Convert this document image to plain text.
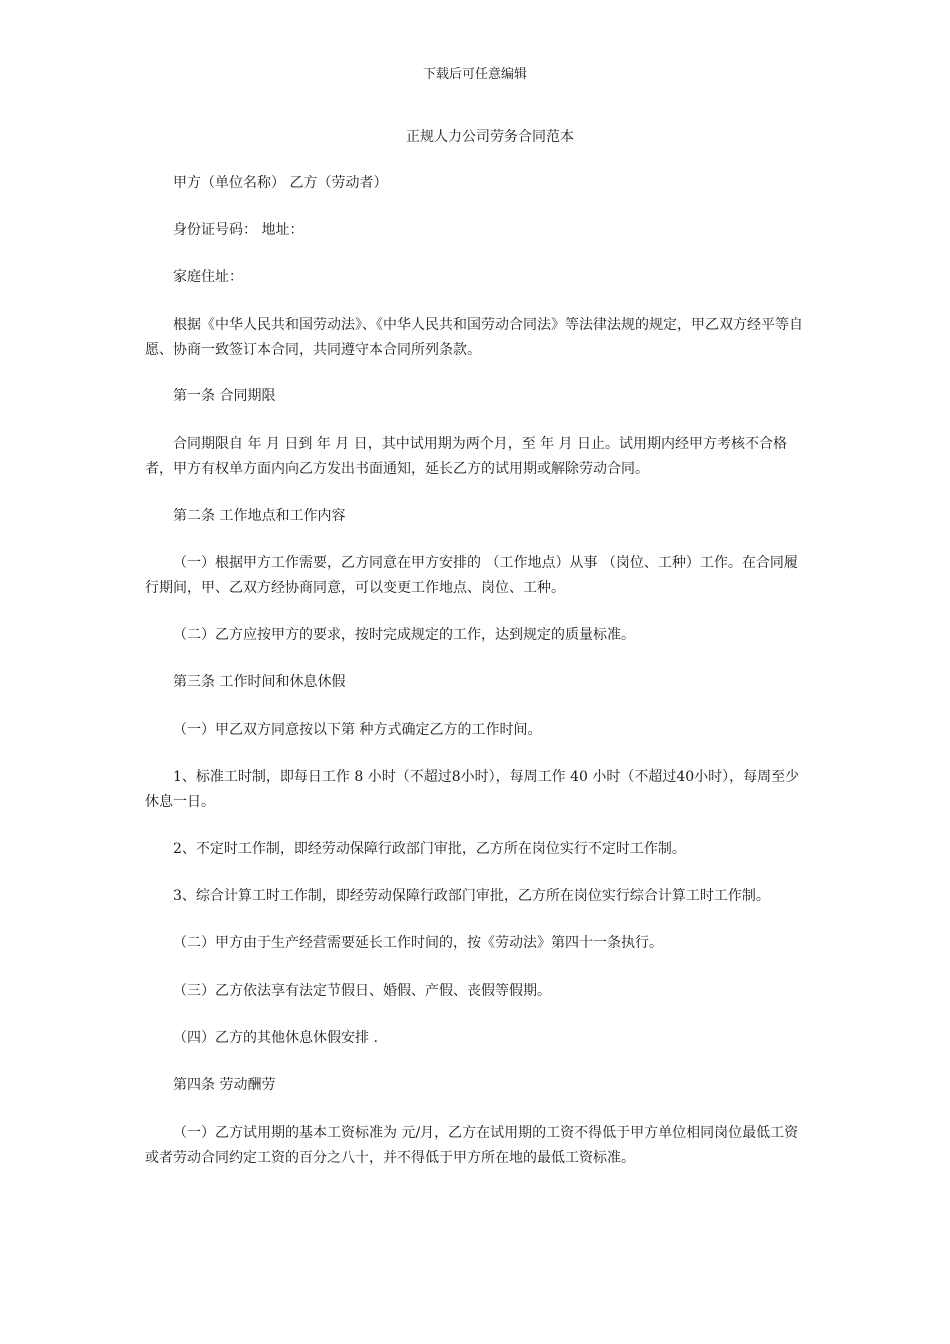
下载后可任意编辑
正规人力公司劳务合同范本

甲方（单位名称） 乙方（劳动者）

身份证号码： 地址：

家庭住址：

根据《中华人民共和国劳动法》、《中华人民共和国劳动合同法》等法律法规的规定，甲乙双方经平等自愿、协商一致签订本合同，共同遵守本合同所列条款。

第一条 合同期限

合同期限自 年 月 日到 年 月 日，其中试用期为两个月，至 年 月 日止。试用期内经甲方考核不合格者，甲方有权单方面内向乙方发出书面通知，延长乙方的试用期或解除劳动合同。

第二条 工作地点和工作内容

（一）根据甲方工作需要，乙方同意在甲方安排的 （工作地点）从事 （岗位、工种）工作。在合同履行期间，甲、乙双方经协商同意，可以变更工作地点、岗位、工种。

（二）乙方应按甲方的要求，按时完成规定的工作，达到规定的质量标准。

第三条 工作时间和休息休假

（一）甲乙双方同意按以下第 种方式确定乙方的工作时间。

1、标准工时制，即每日工作 8 小时（不超过8小时），每周工作 40 小时（不超过40小时），每周至少休息一日。

2、不定时工作制，即经劳动保障行政部门审批，乙方所在岗位实行不定时工作制。

3、综合计算工时工作制，即经劳动保障行政部门审批，乙方所在岗位实行综合计算工时工作制。

（二）甲方由于生产经营需要延长工作时间的，按《劳动法》第四十一条执行。

（三）乙方依法享有法定节假日、婚假、产假、丧假等假期。

（四）乙方的其他休息休假安排 .

第四条 劳动酬劳

（一）乙方试用期的基本工资标准为 元/月，乙方在试用期的工资不得低于甲方单位相同岗位最低工资或者劳动合同约定工资的百分之八十，并不得低于甲方所在地的最低工资标准。
